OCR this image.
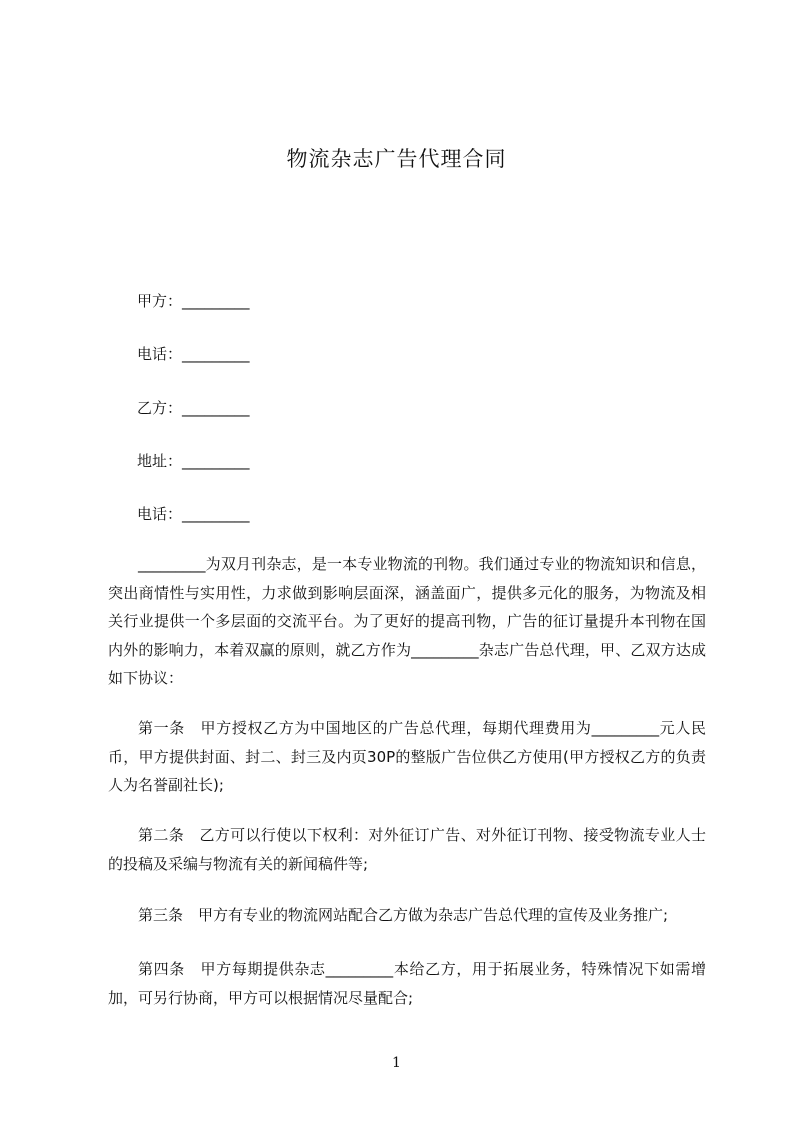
物流杂志广告代理合同

甲方：_________

电话：_________

乙方：_________

地址：_________

电话：_________

_________为双月刊杂志，是一本专业物流的刊物。我们通过专业的物流知识和信息，突出商情性与实用性，力求做到影响层面深，涵盖面广，提供多元化的服务，为物流及相关行业提供一个多层面的交流平台。为了更好的提高刊物，广告的征订量提升本刊物在国内外的影响力，本着双赢的原则，就乙方作为_________杂志广告总代理，甲、乙双方达成如下协议：

第一条　甲方授权乙方为中国地区的广告总代理，每期代理费用为_________元人民币，甲方提供封面、封二、封三及内页30P的整版广告位供乙方使用(甲方授权乙方的负责人为名誉副社长);

第二条　乙方可以行使以下权利：对外征订广告、对外征订刊物、接受物流专业人士的投稿及采编与物流有关的新闻稿件等;

第三条　甲方有专业的物流网站配合乙方做为杂志广告总代理的宣传及业务推广;

第四条　甲方每期提供杂志_________本给乙方，用于拓展业务，特殊情况下如需增加，可另行协商，甲方可以根据情况尽量配合;

1
